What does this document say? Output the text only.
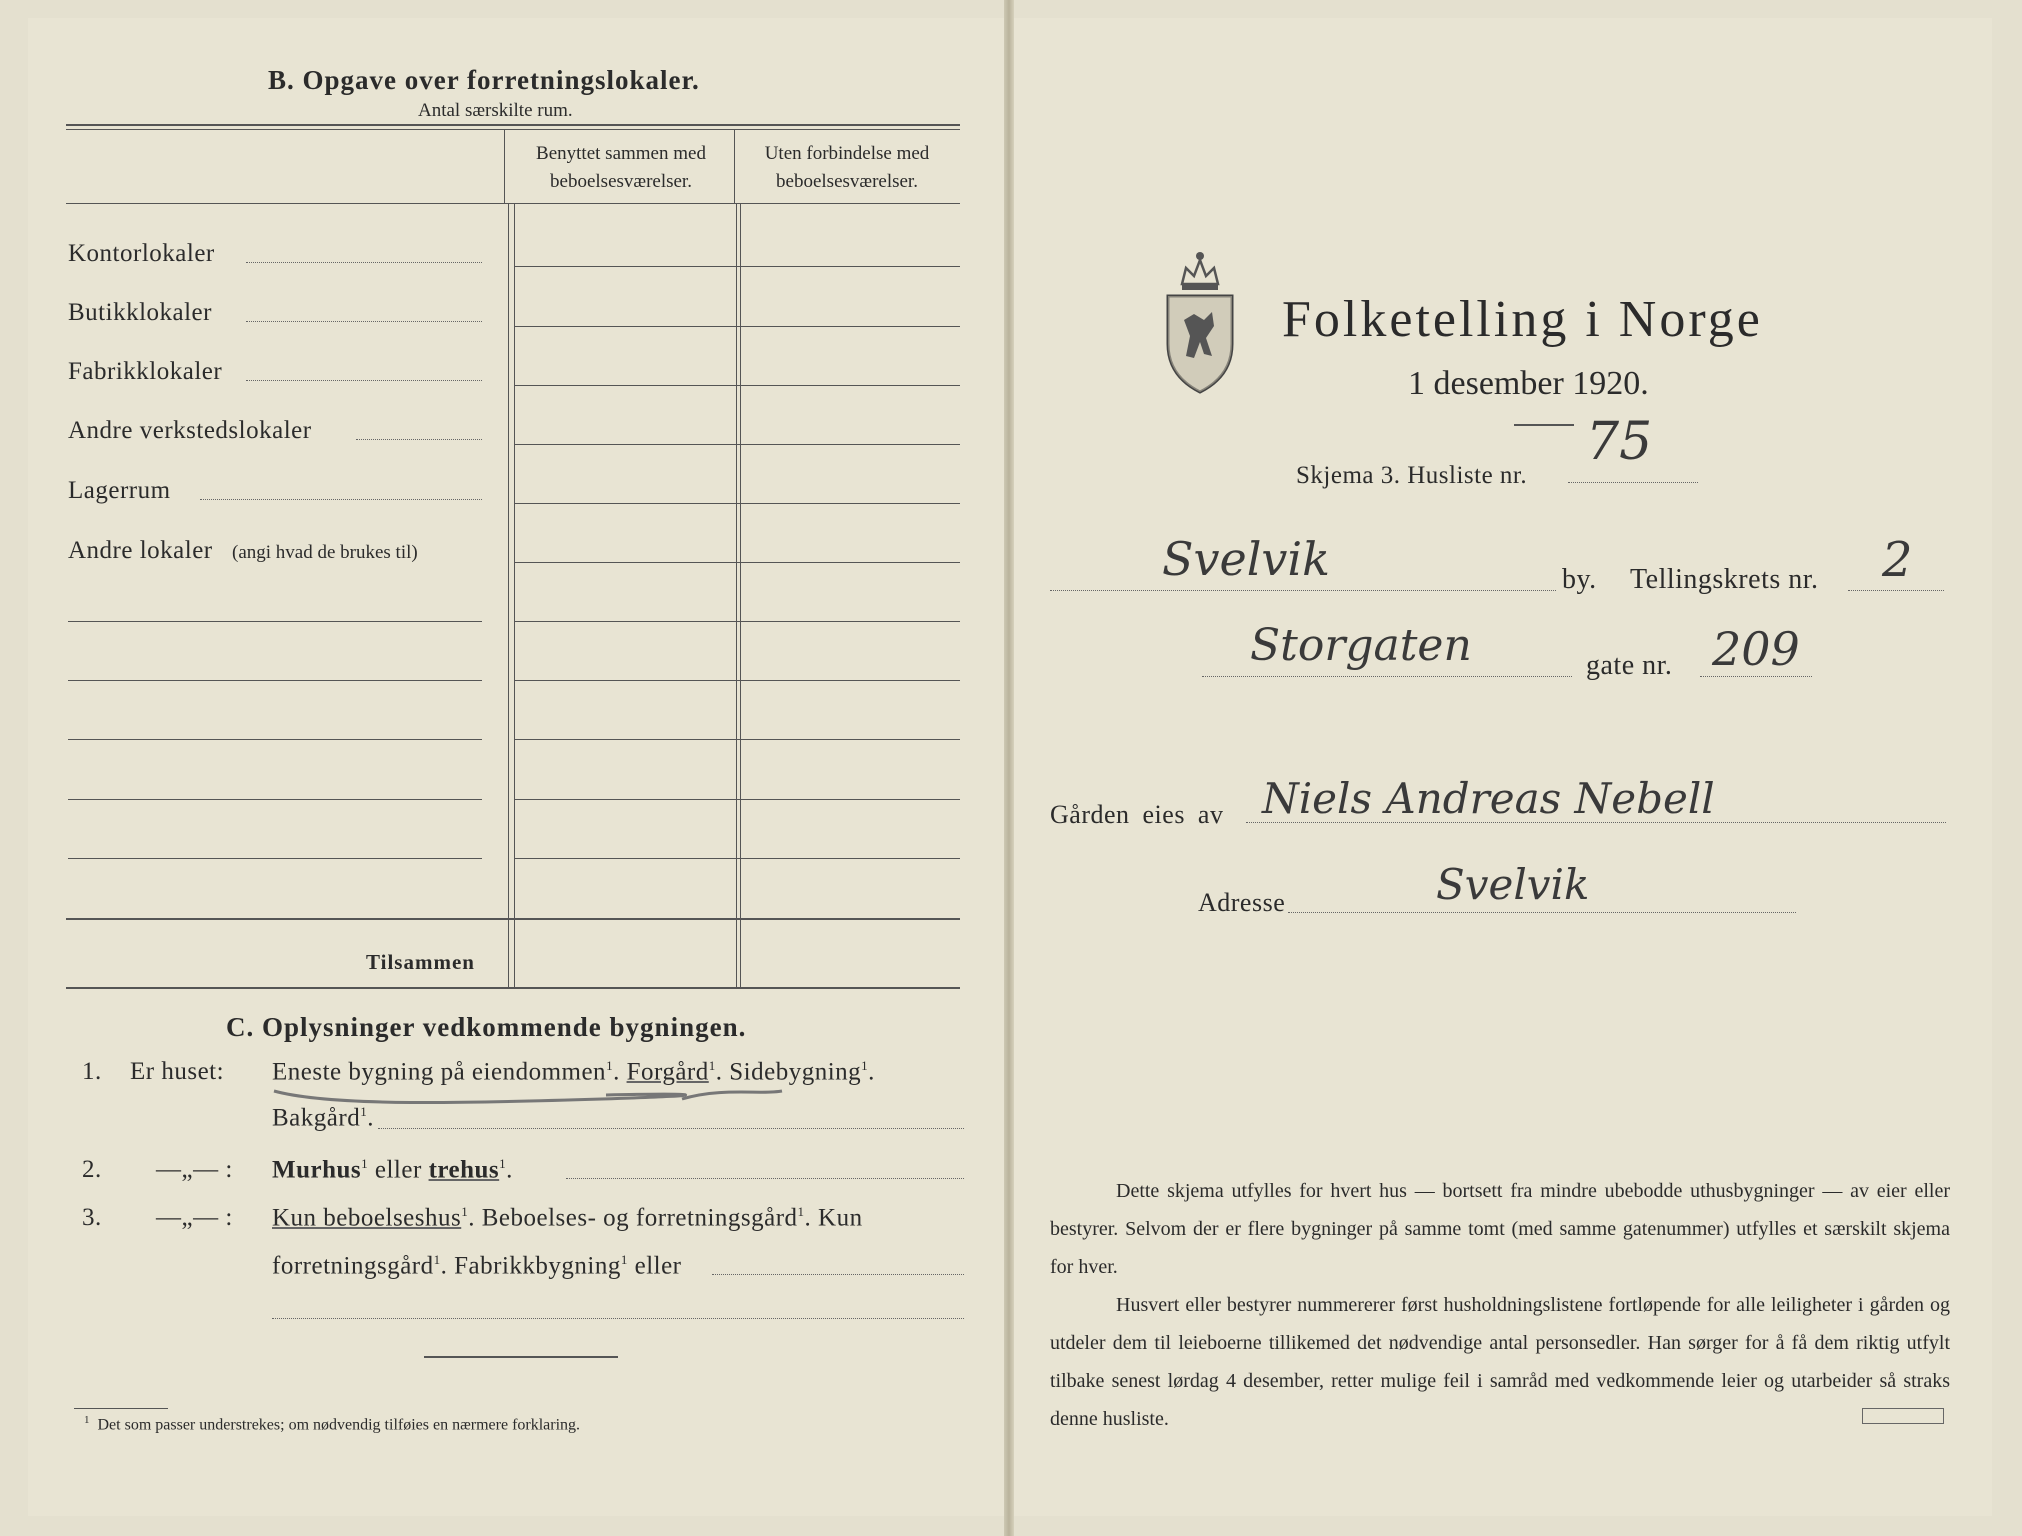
B. Opgave over forretningslokaler.
Antal særskilte rum.
Benyttet sammen med beboelsesværelser.
Uten forbindelse med beboelsesværelser.
Kontorlokaler
Butikklokaler
Fabrikklokaler
Andre verkstedslokaler
Lagerrum
Andre lokaler (angi hvad de brukes til)
Tilsammen
C. Oplysninger vedkommende bygningen.
1. Er huset: Eneste bygning på eiendommen$^1$. Forgård$^1$. Sidebygning$^1$.
Bakgård$^1$.
2. —„— : Murhus$^1$ eller trehus$^1$.
3. —„— : Kun beboelseshus$^1$. Beboelses- og forretningsgård$^1$. Kun
forretningsgård$^1$. Fabrikkbygning$^1$ eller
$^1$ Det som passer understrekes; om nødvendig tilføies en nærmere forklaring.
Folketelling i Norge
1 desember 1920.
Skjema 3. Husliste nr.
75
Svelvik	by. Tellingskrets nr. 2
Storgaten	gate nr. 209
Gården eies av Niels Andreas Nebell
Adresse	Svelvik
Dette skjema utfylles for hvert hus — bortsett fra mindre ubebodde uthusbygninger — av eier eller bestyrer. Selvom der er flere bygninger på samme tomt (med samme gatenummer) utfylles et særskilt skjema for hver.
Husvert eller bestyrer nummererer først husholdningslistene fortløpende for alle leiligheter i gården og utdeler dem til leieboerne tillikemed det nødvendige antal personsedler. Han sørger for å få dem riktig utfylt tilbake senest lørdag 4 desember, retter mulige feil i samråd med vedkommende leier og utarbeider så straks denne husliste.
